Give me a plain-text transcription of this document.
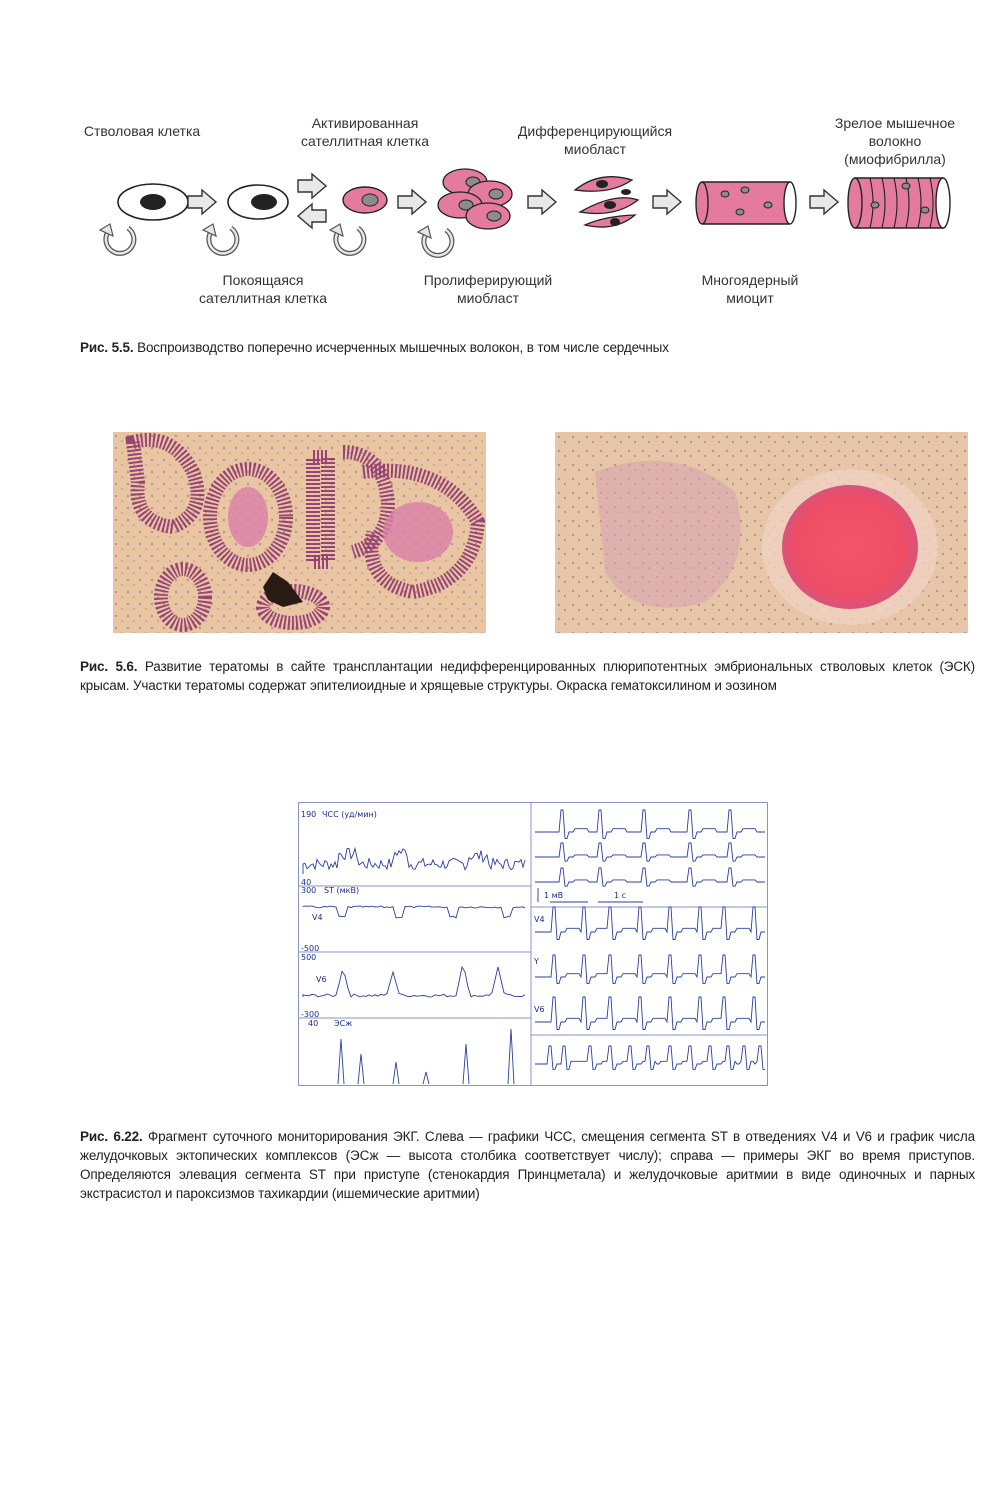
Стволовая клетка	Активированная сателлитная клетка
Дифференцирующийся миобласт
Зрелое мышечное волокно (миофибрилла)
Покоящаяся сателлитная клетка
Пролиферирующий миобласт
Многоядерный миоцит
Рис. 5.5. Воспроизводство поперечно исчерченных мышечных волокон, в том числе сердечных
Рис. 5.6. Развитие тератомы в сайте трансплантации недифференцированных плюрипотентных эмбриональных стволовых клеток (ЭСК) крысам. Участки тератомы содержат эпителиоидные и хрящевые структуры. Окраска гематоксилином и эозином
190 ЧСС (уд/мин)
40
300 ST (мкВ)
V4
-500
500
V6
-300
40 ЭСж
1 мВ	1 с
V4
Y
V6
Рис. 6.22. Фрагмент суточного мониторирования ЭКГ. Слева — графики ЧСС, смещения сегмента ST в отведениях V4 и V6 и график числа желудочковых эктопических комплексов (ЭСж — высота столбика соответствует числу); справа — примеры ЭКГ во время приступов. Определяются элевация сегмента ST при приступе (стенокардия Принцметала) и желудочковые аритмии в виде одиночных и парных экстрасистол и пароксизмов тахикардии (ишемические аритмии)
